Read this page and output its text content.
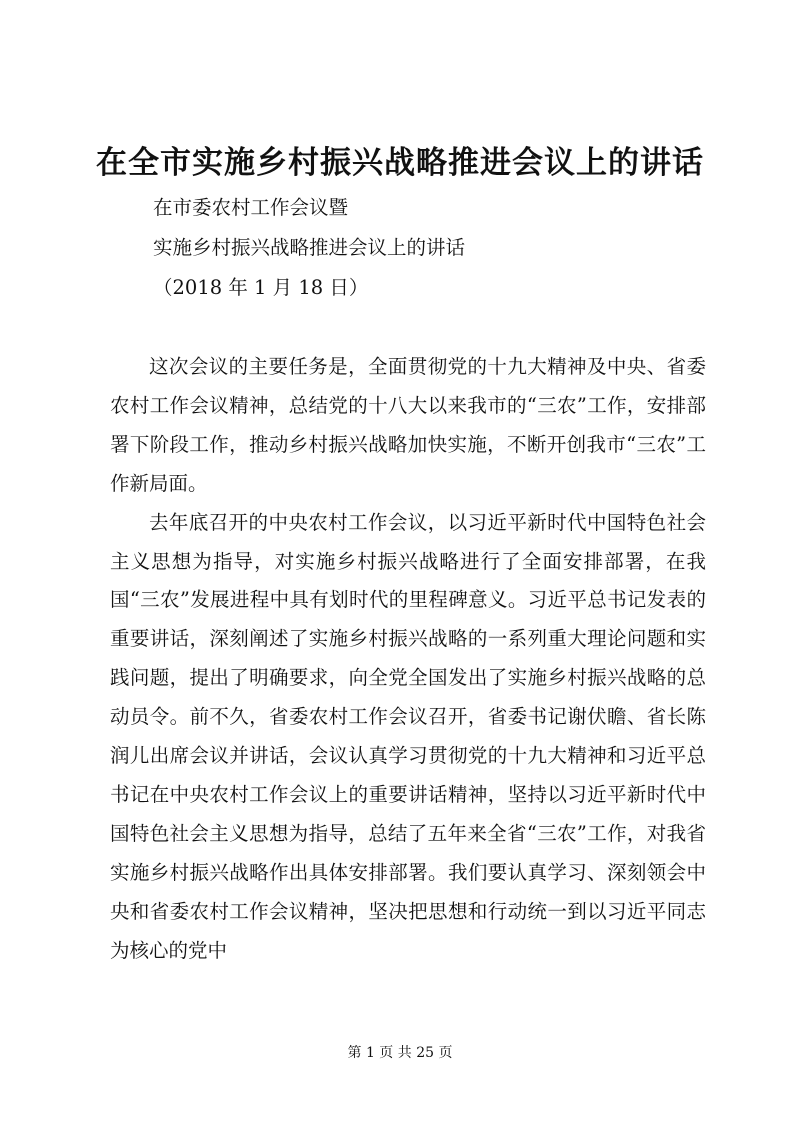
在全市实施乡村振兴战略推进会议上的讲话
在市委农村工作会议暨
实施乡村振兴战略推进会议上的讲话
（2018 年 1 月 18 日）

这次会议的主要任务是，全面贯彻党的十九大精神及中央、省委农村工作会议精神，总结党的十八大以来我市的“三农”工作，安排部署下阶段工作，推动乡村振兴战略加快实施，不断开创我市“三农”工作新局面。

去年底召开的中央农村工作会议，以习近平新时代中国特色社会主义思想为指导，对实施乡村振兴战略进行了全面安排部署，在我国“三农”发展进程中具有划时代的里程碑意义。习近平总书记发表的重要讲话，深刻阐述了实施乡村振兴战略的一系列重大理论问题和实践问题，提出了明确要求，向全党全国发出了实施乡村振兴战略的总动员令。前不久，省委农村工作会议召开，省委书记谢伏瞻、省长陈润儿出席会议并讲话，会议认真学习贯彻党的十九大精神和习近平总书记在中央农村工作会议上的重要讲话精神，坚持以习近平新时代中国特色社会主义思想为指导，总结了五年来全省“三农”工作，对我省实施乡村振兴战略作出具体安排部署。我们要认真学习、深刻领会中央和省委农村工作会议精神，坚决把思想和行动统一到以习近平同志为核心的党中

第 1 页 共 25 页
